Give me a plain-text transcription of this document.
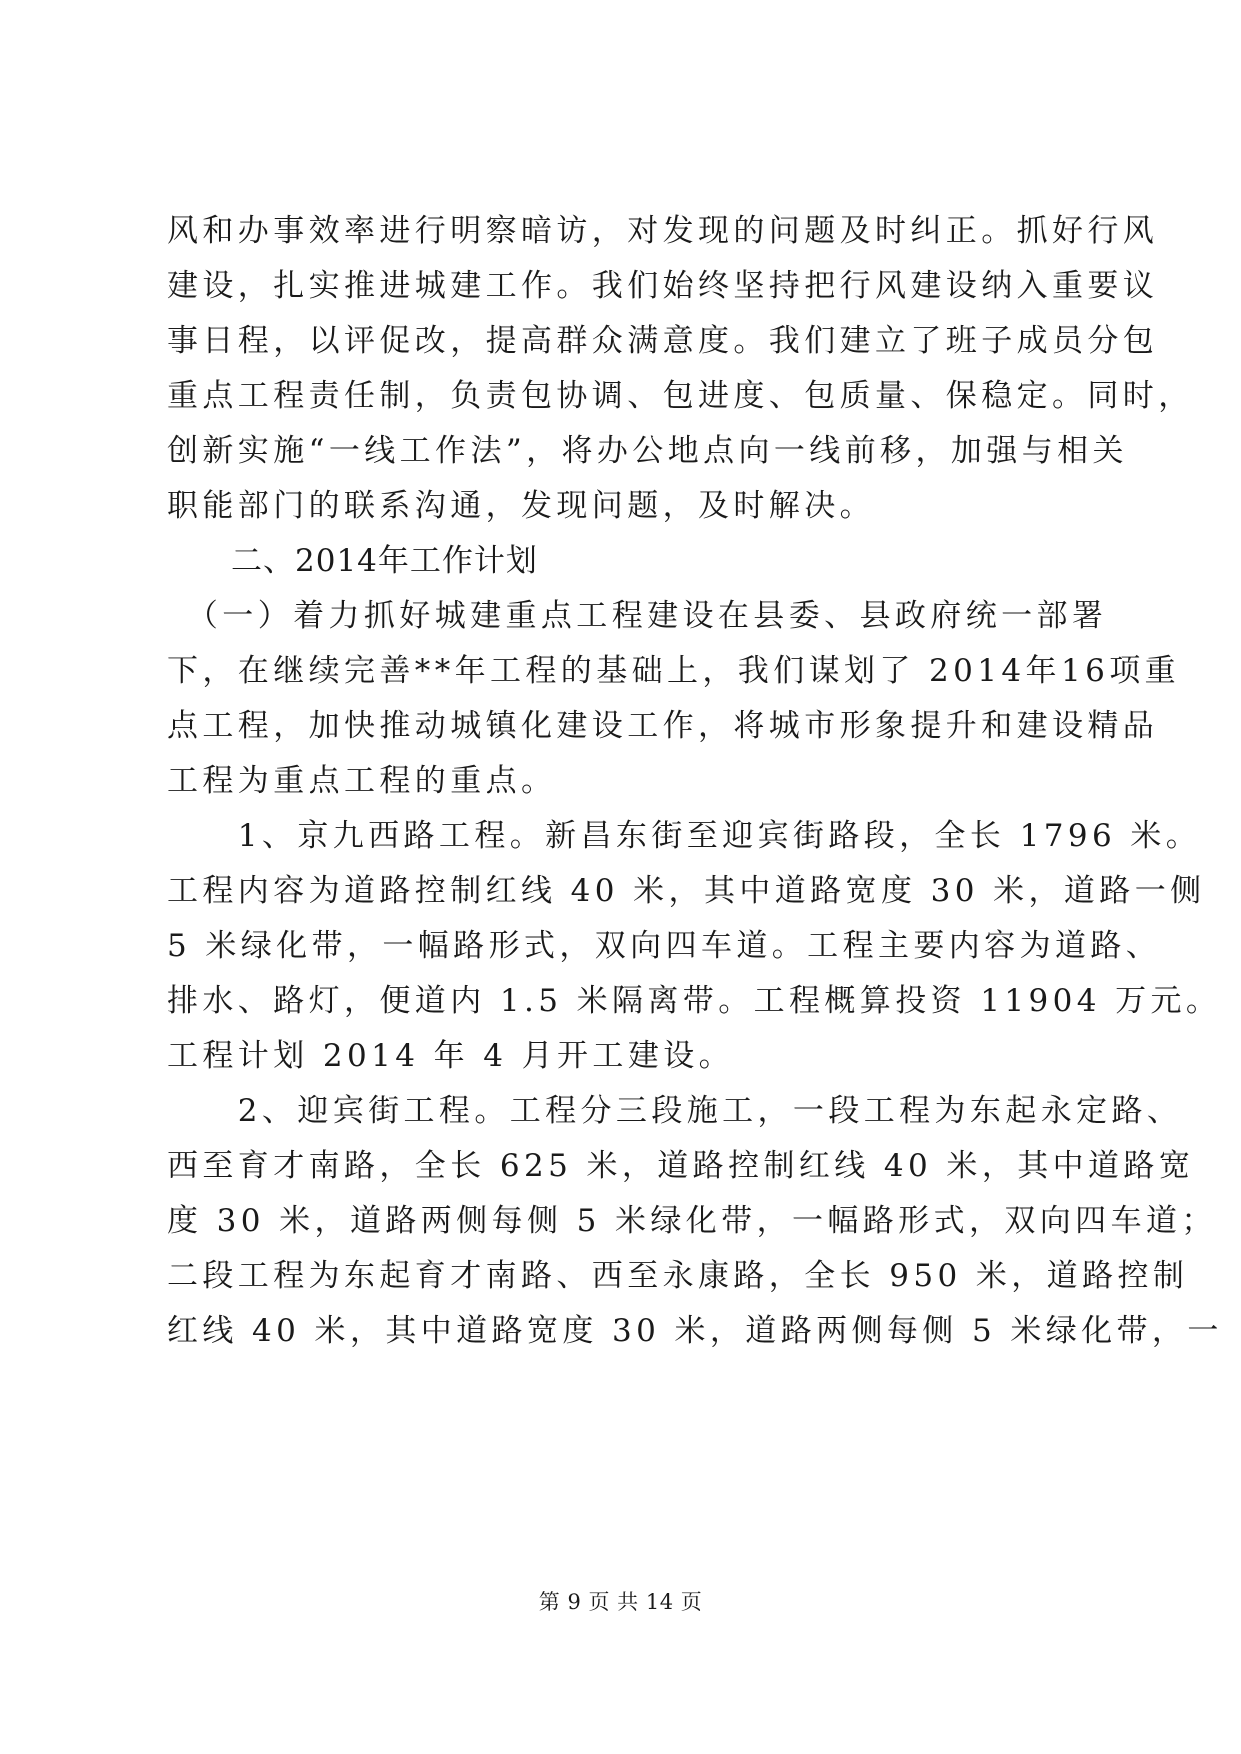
风和办事效率进行明察暗访，对发现的问题及时纠正。抓好行风
建设，扎实推进城建工作。我们始终坚持把行风建设纳入重要议
事日程，以评促改，提高群众满意度。我们建立了班子成员分包
重点工程责任制，负责包协调、包进度、包质量、保稳定。同时，
创新实施“一线工作法”，将办公地点向一线前移，加强与相关
职能部门的联系沟通，发现问题，及时解决。
　　二、2014年工作计划
　（一）着力抓好城建重点工程建设在县委、县政府统一部署
下，在继续完善**年工程的基础上，我们谋划了 2014年16项重
点工程，加快推动城镇化建设工作，将城市形象提升和建设精品
工程为重点工程的重点。
　　1、京九西路工程。新昌东街至迎宾街路段，全长 1796 米。
工程内容为道路控制红线 40 米，其中道路宽度 30 米，道路一侧
5 米绿化带，一幅路形式，双向四车道。工程主要内容为道路、
排水、路灯，便道内 1.5 米隔离带。工程概算投资 11904 万元。
工程计划 2014 年 4 月开工建设。
　　2、迎宾街工程。工程分三段施工，一段工程为东起永定路、
西至育才南路，全长 625 米，道路控制红线 40 米，其中道路宽
度 30 米，道路两侧每侧 5 米绿化带，一幅路形式，双向四车道；
二段工程为东起育才南路、西至永康路，全长 950 米，道路控制
红线 40 米，其中道路宽度 30 米，道路两侧每侧 5 米绿化带，一
第 9 页 共 14 页
